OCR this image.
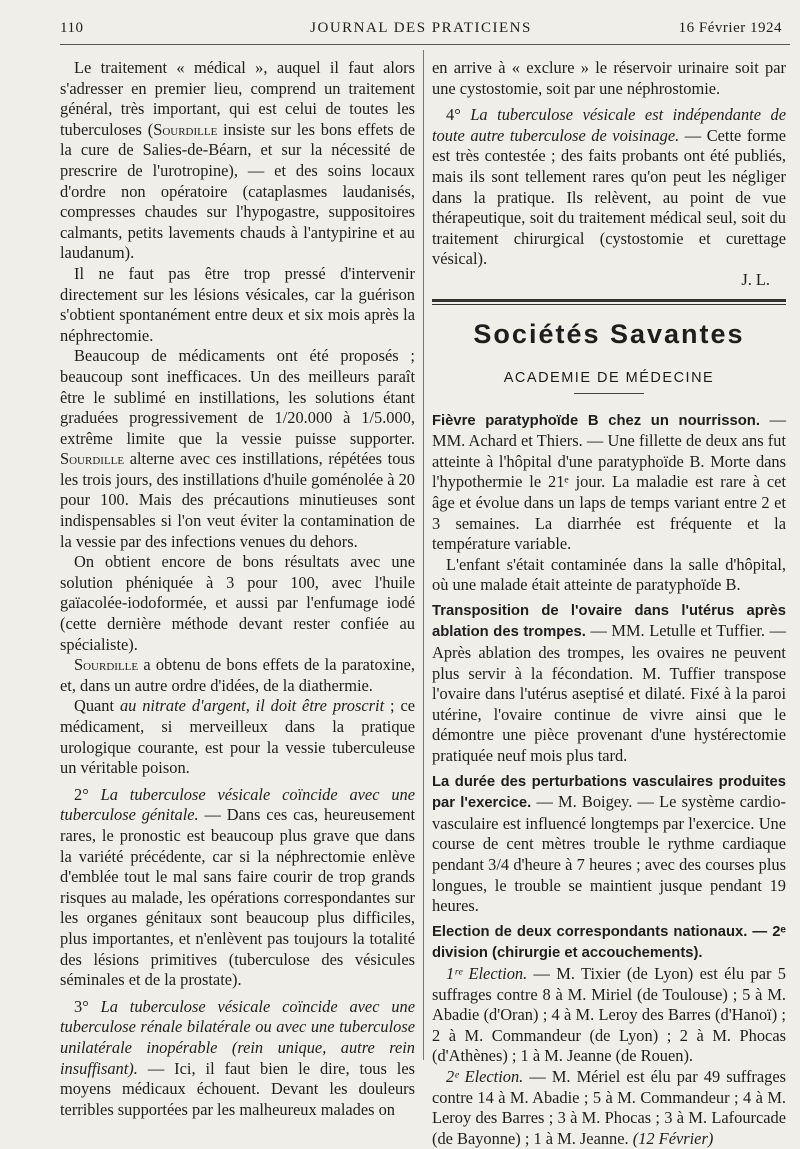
110	JOURNAL DES PRATICIENS	16 Février 1924

Le traitement « médical », auquel il faut alors s'adresser en premier lieu, comprend un traitement général, très important, qui est celui de toutes les tuberculoses (Sourdille insiste sur les bons effets de la cure de Salies-de-Béarn, et sur la nécessité de prescrire de l'urotropine), — et des soins locaux d'ordre non opératoire (cataplasmes laudanisés, compresses chaudes sur l'hypogastre, suppositoires calmants, petits lavements chauds à l'antypirine et au laudanum).

Il ne faut pas être trop pressé d'intervenir directement sur les lésions vésicales, car la guérison s'obtient spontanément entre deux et six mois après la néphrectomie.

Beaucoup de médicaments ont été proposés ; beaucoup sont inefficaces. Un des meilleurs paraît être le sublimé en instillations, les solutions étant graduées progressivement de 1/20.000 à 1/5.000, extrême limite que la vessie puisse supporter. Sourdille alterne avec ces instillations, répétées tous les trois jours, des instillations d'huile goménolée à 20 pour 100. Mais des précautions minutieuses sont indispensables si l'on veut éviter la contamination de la vessie par des infections venues du dehors.

On obtient encore de bons résultats avec une solution phéniquée à 3 pour 100, avec l'huile gaïacolée-iodoformée, et aussi par l'enfumage iodé (cette dernière méthode devant rester confiée au spécialiste).

Sourdille a obtenu de bons effets de la paratoxine, et, dans un autre ordre d'idées, de la diathermie.

Quant au nitrate d'argent, il doit être proscrit ; ce médicament, si merveilleux dans la pratique urologique courante, est pour la vessie tuberculeuse un véritable poison.

2° La tuberculose vésicale coïncide avec une tuberculose génitale. — Dans ces cas, heureusement rares, le pronostic est beaucoup plus grave que dans la variété précédente, car si la néphrectomie enlève d'emblée tout le mal sans faire courir de trop grands risques au malade, les opérations correspondantes sur les organes génitaux sont beaucoup plus difficiles, plus importantes, et n'enlèvent pas toujours la totalité des lésions primitives (tuberculose des vésicules séminales et de la prostate).

3° La tuberculose vésicale coïncide avec une tuberculose rénale bilatérale ou avec une tuberculose unilatérale inopérable (rein unique, autre rein insuffisant). — Ici, il faut bien le dire, tous les moyens médicaux échouent. Devant les douleurs terribles supportées par les malheureux malades on

en arrive à « exclure » le réservoir urinaire soit par une cystostomie, soit par une néphrostomie.

4° La tuberculose vésicale est indépendante de toute autre tuberculose de voisinage. — Cette forme est très contestée ; des faits probants ont été publiés, mais ils sont tellement rares qu'on peut les négliger dans la pratique. Ils relèvent, au point de vue thérapeutique, soit du traitement médical seul, soit du traitement chirurgical (cystostomie et curettage vésical).

J. L.

Sociétés Savantes
ACADEMIE DE MÉDECINE

Fièvre paratyphoïde B chez un nourrisson. — MM. Achard et Thiers. — Une fillette de deux ans fut atteinte à l'hôpital d'une paratyphoïde B. Morte dans l'hypothermie le 21ᵉ jour. La maladie est rare à cet âge et évolue dans un laps de temps variant entre 2 et 3 semaines. La diarrhée est fréquente et la température variable.

L'enfant s'était contaminée dans la salle d'hôpital, où une malade était atteinte de paratyphoïde B.

Transposition de l'ovaire dans l'utérus après ablation des trompes. — MM. Letulle et Tuffier. — Après ablation des trompes, les ovaires ne peuvent plus servir à la fécondation. M. Tuffier transpose l'ovaire dans l'utérus aseptisé et dilaté. Fixé à la paroi utérine, l'ovaire continue de vivre ainsi que le démontre une pièce provenant d'une hystérectomie pratiquée neuf mois plus tard.

La durée des perturbations vasculaires produites par l'exercice. — M. Boigey. — Le système cardio-vasculaire est influencé longtemps par l'exercice. Une course de cent mètres trouble le rythme cardiaque pendant 3/4 d'heure à 7 heures ; avec des courses plus longues, le trouble se maintient jusque pendant 19 heures.

Election de deux correspondants nationaux. — 2ᵉ division (chirurgie et accouchements).

1ʳᵉ Election. — M. Tixier (de Lyon) est élu par 5 suffrages contre 8 à M. Miriel (de Toulouse) ; 5 à M. Abadie (d'Oran) ; 4 à M. Leroy des Barres (d'Hanoï) ; 2 à M. Commandeur (de Lyon) ; 2 à M. Phocas (d'Athènes) ; 1 à M. Jeanne (de Rouen).

2ᵉ Election. — M. Mériel est élu par 49 suffrages contre 14 à M. Abadie ; 5 à M. Commandeur ; 4 à M. Leroy des Barres ; 3 à M. Phocas ; 3 à M. Lafourcade (de Bayonne) ; 1 à M. Jeanne. (12 Février)
